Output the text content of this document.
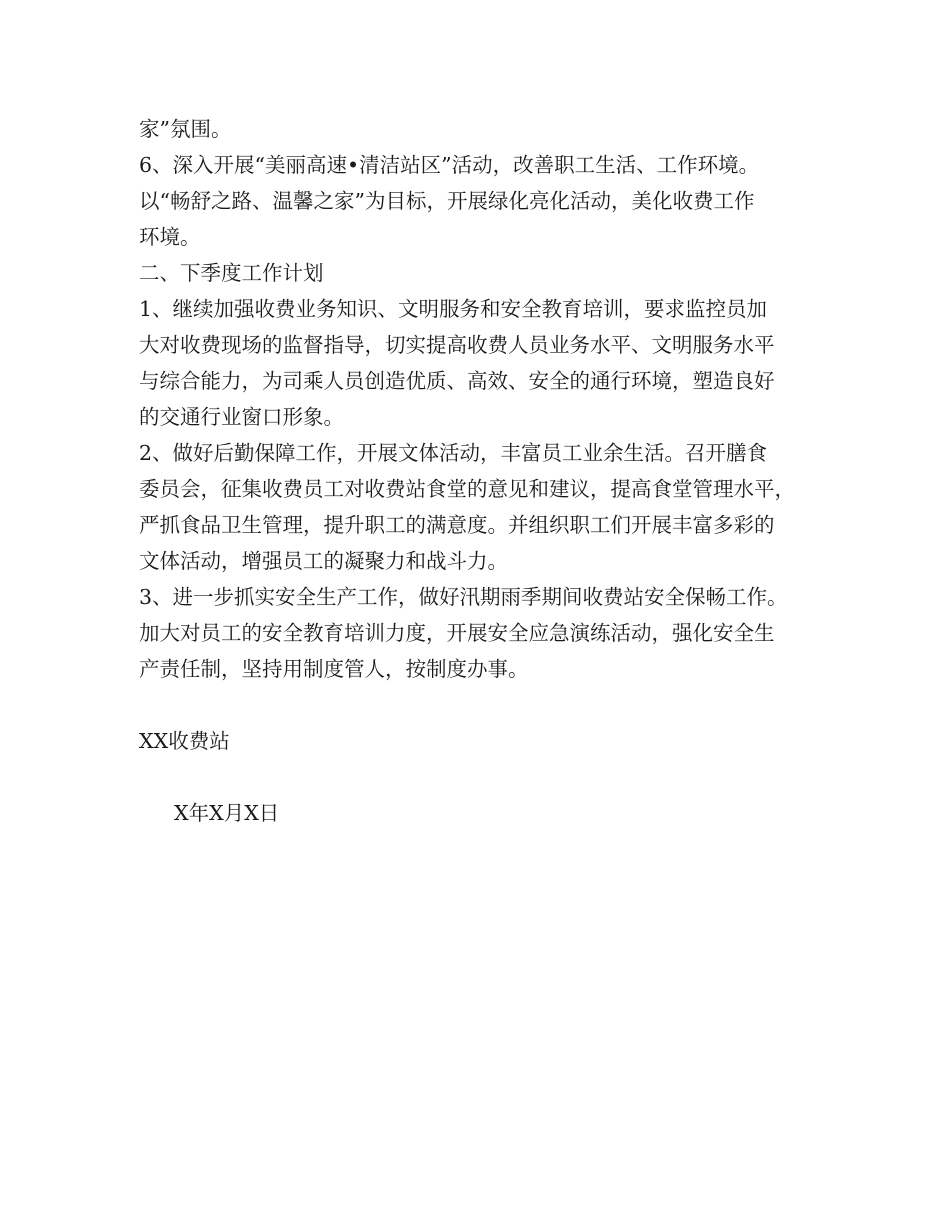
家”氛围。
6、深入开展“美丽高速•清洁站区”活动，改善职工生活、工作环境。
以“畅舒之路、温馨之家”为目标，开展绿化亮化活动，美化收费工作
环境。
二、下季度工作计划
1、继续加强收费业务知识、文明服务和安全教育培训，要求监控员加
大对收费现场的监督指导，切实提高收费人员业务水平、文明服务水平
与综合能力，为司乘人员创造优质、高效、安全的通行环境，塑造良好
的交通行业窗口形象。
2、做好后勤保障工作，开展文体活动，丰富员工业余生活。召开膳食
委员会，征集收费员工对收费站食堂的意见和建议，提高食堂管理水平，
严抓食品卫生管理，提升职工的满意度。并组织职工们开展丰富多彩的
文体活动，增强员工的凝聚力和战斗力。
3、进一步抓实安全生产工作，做好汛期雨季期间收费站安全保畅工作。
加大对员工的安全教育培训力度，开展安全应急演练活动，强化安全生
产责任制，坚持用制度管人，按制度办事。
XX收费站
X年X月X日
